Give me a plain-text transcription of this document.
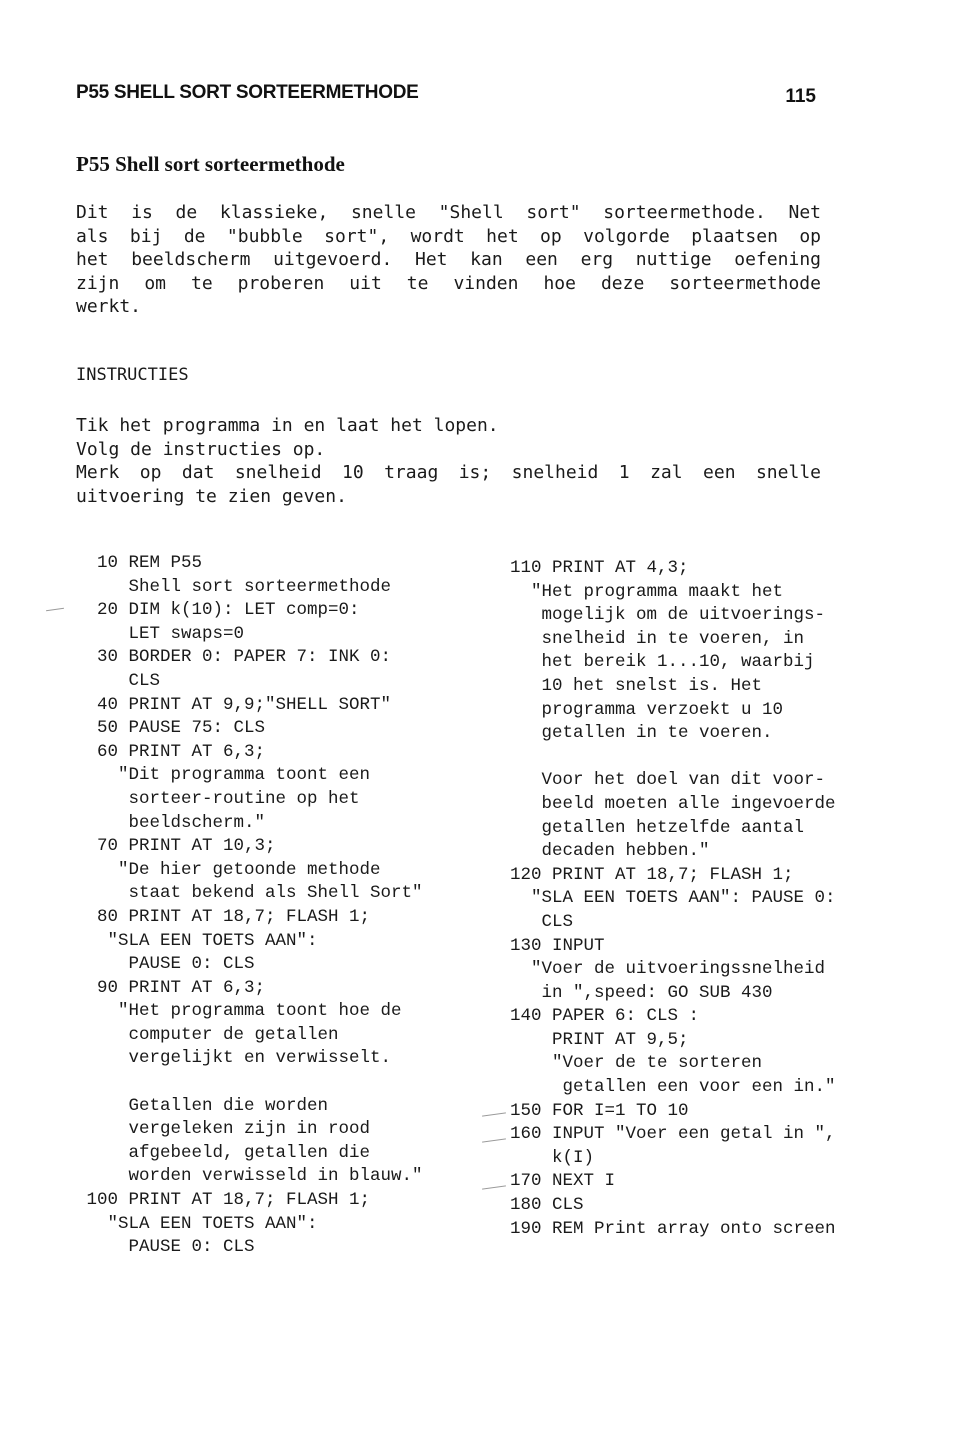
P55 SHELL SORT SORTEERMETHODE	115
P55 Shell sort sorteermethode
Dit is de klassieke, snelle "Shell sort" sorteermethode. Net
als bij de "bubble sort", wordt het op volgorde plaatsen op
het beeldscherm uitgevoerd. Het kan een erg nuttige oefening
zijn om te proberen uit te vinden hoe deze sorteermethode
werkt.
INSTRUCTIES
Tik het programma in en laat het lopen.
Volg de instructies op.
Merk op dat snelheid 10 traag is; snelheid 1 zal een snelle
uitvoering te zien geven.
10 REM P55
Shell sort sorteermethode
20 DIM k(10): LET comp=0:
LET swaps=0
30 BORDER 0: PAPER 7: INK 0:
CLS
40 PRINT AT 9,9;"SHELL SORT"
50 PAUSE 75: CLS
60 PRINT AT 6,3;
"Dit programma toont een
sorteer-routine op het
beeldscherm."
70 PRINT AT 10,3;
"De hier getoonde methode
staat bekend als Shell Sort"
80 PRINT AT 18,7; FLASH 1;
"SLA EEN TOETS AAN":
PAUSE 0: CLS
90 PRINT AT 6,3;
"Het programma toont hoe de
computer de getallen
vergelijkt en verwisselt.
Getallen die worden
vergeleken zijn in rood
afgebeeld, getallen die
worden verwisseld in blauw."
100 PRINT AT 18,7; FLASH 1;
"SLA EEN TOETS AAN":
PAUSE 0: CLS
110 PRINT AT 4,3;
"Het programma maakt het
mogelijk om de uitvoerings-
snelheid in te voeren, in
het bereik 1...10, waarbij
10 het snelst is. Het
programma verzoekt u 10
getallen in te voeren.
Voor het doel van dit voor-
beeld moeten alle ingevoerde
getallen hetzelfde aantal
decaden hebben."
120 PRINT AT 18,7; FLASH 1;
"SLA EEN TOETS AAN": PAUSE 0:
CLS
130 INPUT
"Voer de uitvoeringssnelheid
in ",speed: GO SUB 430
140 PAPER 6: CLS :
PRINT AT 9,5;
"Voer de te sorteren
getallen een voor een in."
150 FOR I=1 TO 10
160 INPUT "Voer een getal in ",
k(I)
170 NEXT I
180 CLS
190 REM Print array onto screen
